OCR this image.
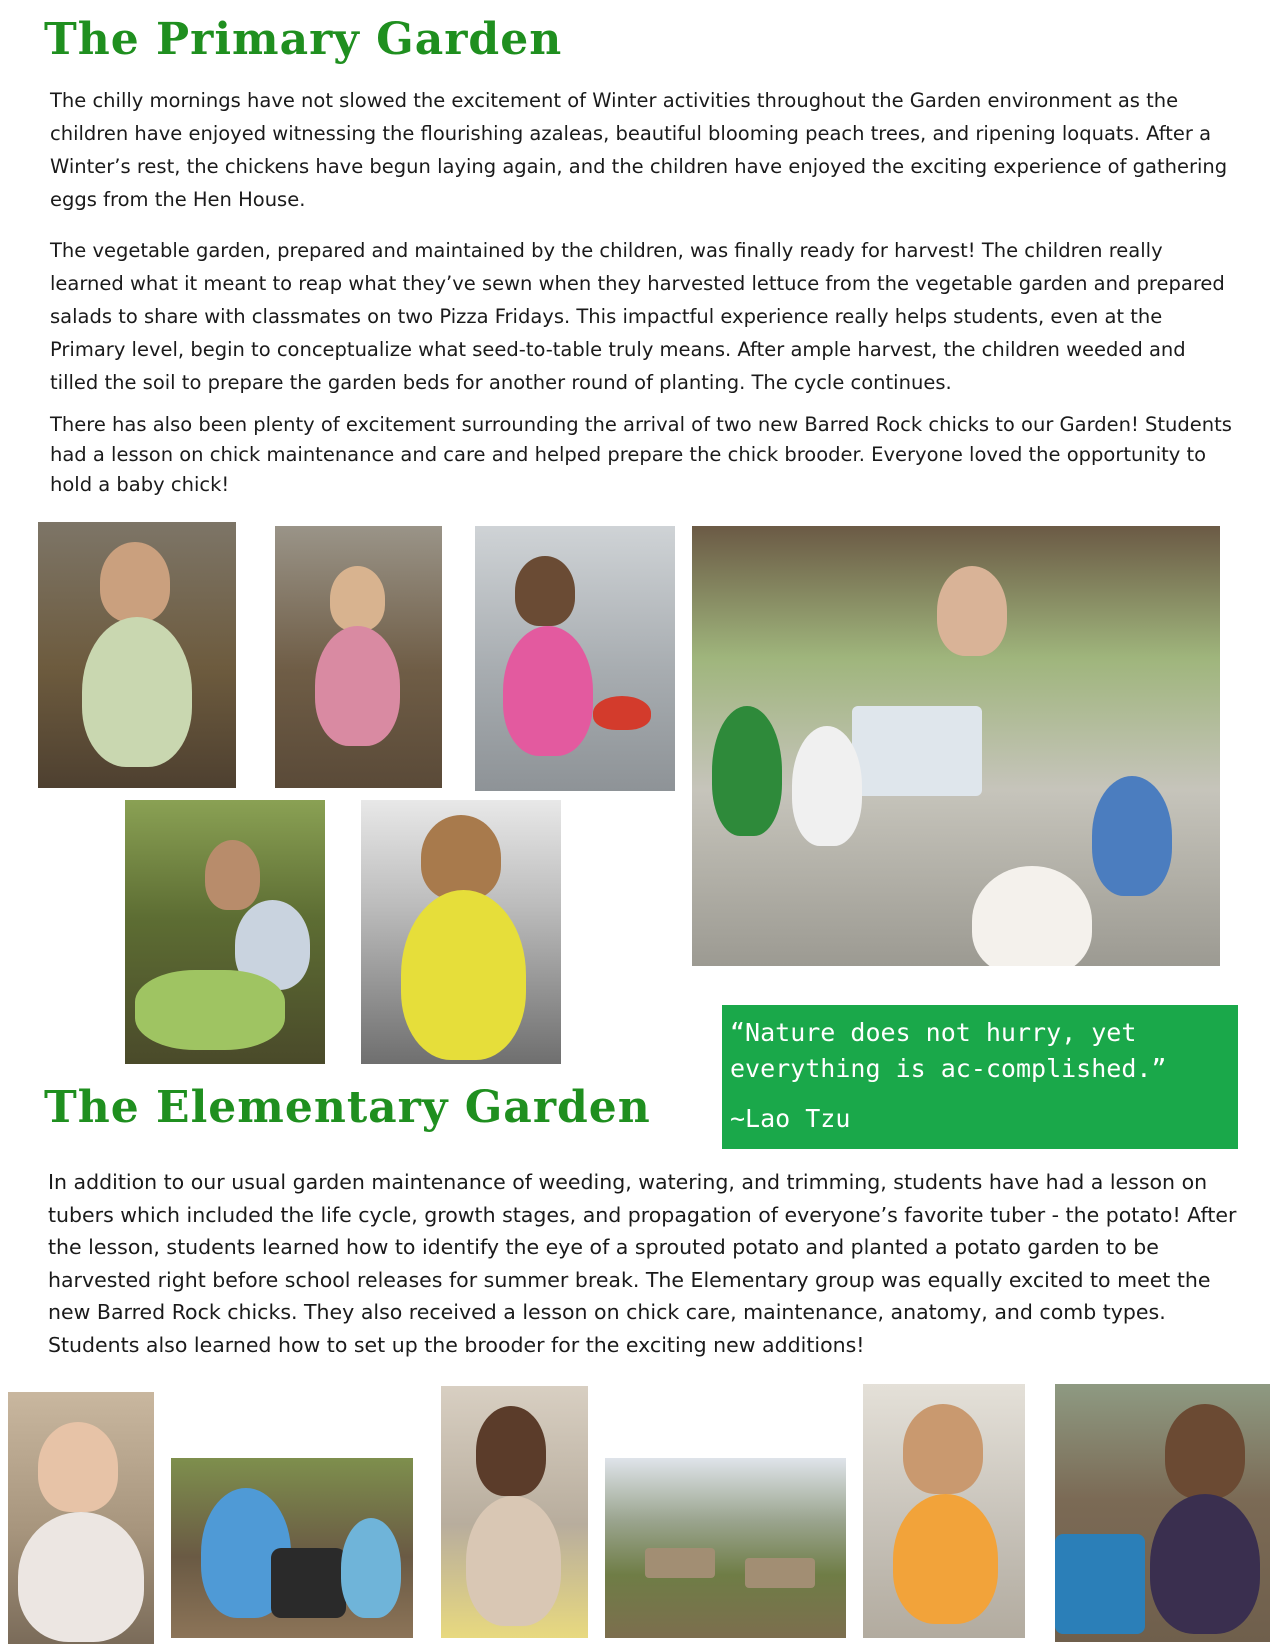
The Primary Garden

The chilly mornings have not slowed the excitement of Winter activities throughout the Garden environment as the children have enjoyed witnessing the flourishing azaleas, beautiful blooming peach trees, and ripening loquats. After a Winter’s rest, the chickens have begun laying again, and the children have enjoyed the exciting experience of gathering eggs from the Hen House.

The vegetable garden, prepared and maintained by the children, was finally ready for harvest! The children really learned what it meant to reap what they’ve sewn when they harvested lettuce from the vegetable garden and prepared salads to share with classmates on two Pizza Fridays. This impactful experience really helps students, even at the Primary level, begin to conceptualize what seed-to-table truly means. After ample harvest, the children weeded and tilled the soil to prepare the garden beds for another round of planting. The cycle continues.

There has also been plenty of excitement surrounding the arrival of two new Barred Rock chicks to our Garden! Students had a lesson on chick maintenance and care and helped prepare the chick brooder. Everyone loved the opportunity to hold a baby chick!

The Elementary Garden

“Nature does not hurry, yet everything is ac-complished.”

~Lao Tzu

In addition to our usual garden maintenance of weeding, watering, and trimming, students have had a lesson on tubers which included the life cycle, growth stages, and propagation of everyone’s favorite tuber - the potato! After the lesson, students learned how to identify the eye of a sprouted potato and planted a potato garden to be harvested right before school releases for summer break. The Elementary group was equally excited to meet the new Barred Rock chicks. They also received a lesson on chick care, maintenance, anatomy, and comb types. Students also learned how to set up the brooder for the exciting new additions!
